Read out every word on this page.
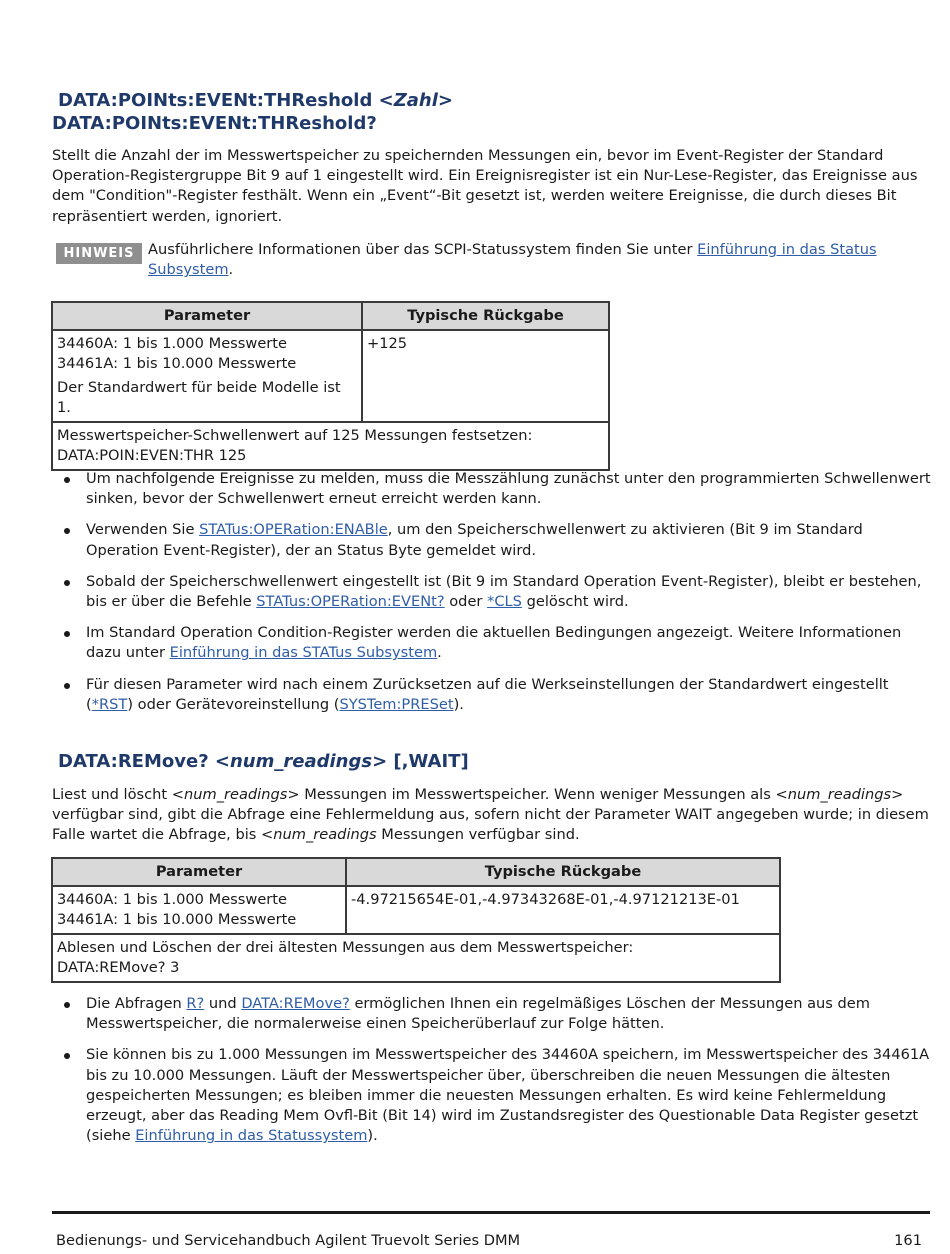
DATA:POINts:EVENt:THReshold <Zahl>
DATA:POINts:EVENt:THReshold?
Stellt die Anzahl der im Messwertspeicher zu speichernden Messungen ein, bevor im Event-Register der Standard Operation-Registergruppe Bit 9 auf 1 eingestellt wird. Ein Ereignisregister ist ein Nur-Lese-Register, das Ereignisse aus dem "Condition"-Register festhält. Wenn ein „Event“-Bit gesetzt ist, werden weitere Ereignisse, die durch dieses Bit repräsentiert werden, ignoriert.
HINWEIS Ausführlichere Informationen über das SCPI-Statussystem finden Sie unter Einführung in das Status Subsystem.
Parameter	Typische Rückgabe

34460A: 1 bis 1.000 Messwerte
34461A: 1 bis 10.000 Messwerte
Der Standardwert für beide Modelle ist 1.	+125

Messwertspeicher-Schwellenwert auf 125 Messungen festsetzen:
DATA:POIN:EVEN:THR 125	
Um nachfolgende Ereignisse zu melden, muss die Messzählung zunächst unter den programmierten Schwellenwert sinken, bevor der Schwellenwert erneut erreicht werden kann.
Verwenden Sie STATus:OPERation:ENABle, um den Speicherschwellenwert zu aktivieren (Bit 9 im Standard Operation Event-Register), der an Status Byte gemeldet wird.
Sobald der Speicherschwellenwert eingestellt ist (Bit 9 im Standard Operation Event-Register), bleibt er bestehen, bis er über die Befehle STATus:OPERation:EVENt? oder *CLS gelöscht wird.
Im Standard Operation Condition-Register werden die aktuellen Bedingungen angezeigt. Weitere Informationen dazu unter Einführung in das STATus Subsystem.
Für diesen Parameter wird nach einem Zurücksetzen auf die Werkseinstellungen der Standardwert eingestellt (*RST) oder Gerätevoreinstellung (SYSTem:PRESet).
DATA:REMove? <num_readings> [,WAIT]
Liest und löscht <num_readings> Messungen im Messwertspeicher. Wenn weniger Messungen als <num_readings> verfügbar sind, gibt die Abfrage eine Fehlermeldung aus, sofern nicht der Parameter WAIT angegeben wurde; in diesem Falle wartet die Abfrage, bis <num_readings Messungen verfügbar sind.
Parameter	Typische Rückgabe

34460A: 1 bis 1.000 Messwerte
34461A: 1 bis 10.000 Messwerte	-4.97215654E-01,-4.97343268E-01,-4.97121213E-01

Ablesen und Löschen der drei ältesten Messungen aus dem Messwertspeicher:
DATA:REMove? 3	
Die Abfragen R? und DATA:REMove? ermöglichen Ihnen ein regelmäßiges Löschen der Messungen aus dem Messwertspeicher, die normalerweise einen Speicherüberlauf zur Folge hätten.
Sie können bis zu 1.000 Messungen im Messwertspeicher des 34460A speichern, im Messwertspeicher des 34461A bis zu 10.000 Messungen. Läuft der Messwertspeicher über, überschreiben die neuen Messungen die ältesten gespeicherten Messungen; es bleiben immer die neuesten Messungen erhalten. Es wird keine Fehlermeldung erzeugt, aber das Reading Mem Ovfl-Bit (Bit 14) wird im Zustandsregister des Questionable Data Register gesetzt (siehe Einführung in das Statussystem).
Bedienungs- und Servicehandbuch Agilent Truevolt Series DMM	161
